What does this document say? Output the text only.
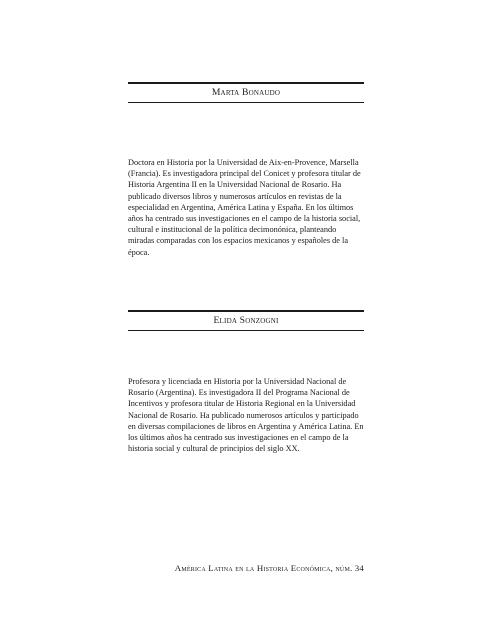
Marta Bonaudo

Doctora en Historia por la Universidad de Aix-en-Provence, Marsella (Francia). Es investigadora principal del Conicet y profesora titular de Historia Argentina II en la Universidad Nacional de Rosario. Ha publicado diversos libros y numerosos artículos en revistas de la especialidad en Argentina, América Latina y España. En los últimos años ha centrado sus investigaciones en el campo de la historia social, cultural e institucional de la política decimonónica, planteando miradas comparadas con los espacios mexicanos y españoles de la época.

Elida Sonzogni

Profesora y licenciada en Historia por la Universidad Nacional de Rosario (Argentina). Es investigadora II del Programa Nacional de Incentivos y profesora titular de Historia Regional en la Universidad Nacional de Rosario. Ha publicado numerosos artículos y participado en diversas compilaciones de libros en Argentina y América Latina. En los últimos años ha centrado sus investigaciones en el campo de la historia social y cultural de principios del siglo XX.

América Latina en la Historia Económica, núm. 34
